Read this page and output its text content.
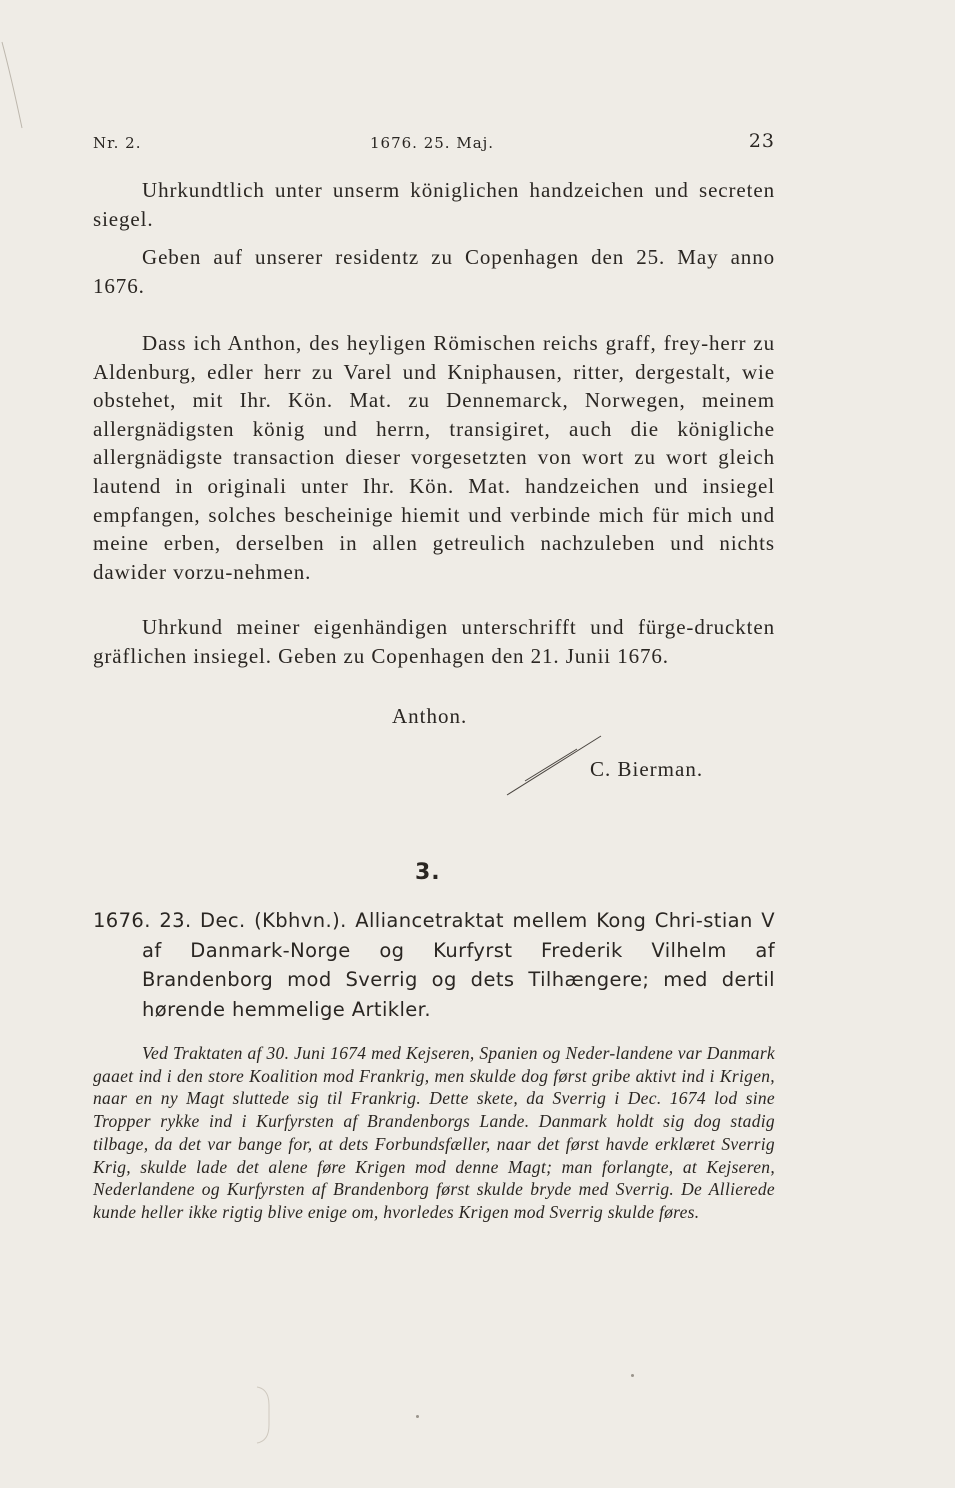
Nr. 2.	1676. 25. Maj.	23

Uhrkundtlich unter unserm königlichen handzeichen und secreten siegel.

Geben auf unserer residentz zu Copenhagen den 25. May anno 1676.

Dass ich Anthon, des heyligen Römischen reichs graff, frey-herr zu Aldenburg, edler herr zu Varel und Kniphausen, ritter, dergestalt, wie obstehet, mit Ihr. Kön. Mat. zu Dennemarck, Norwegen, meinem allergnädigsten könig und herrn, transigiret, auch die königliche allergnädigste transaction dieser vorgesetzten von wort zu wort gleich lautend in originali unter Ihr. Kön. Mat. handzeichen und insiegel empfangen, solches bescheinige hiemit und verbinde mich für mich und meine erben, derselben in allen getreulich nachzuleben und nichts dawider vorzu-nehmen.

Uhrkund meiner eigenhändigen unterschrifft und fürge-druckten gräflichen insiegel. Geben zu Copenhagen den 21. Junii 1676.

Anthon.
C. Bierman.
3.
1676. 23. Dec. (Kbhvn.). Alliancetraktat mellem Kong Chri-stian V af Danmark-Norge og Kurfyrst Frederik Vilhelm af Brandenborg mod Sverrig og dets Tilhængere; med dertil hørende hemmelige Artikler.
Ved Traktaten af 30. Juni 1674 med Kejseren, Spanien og Neder-landene var Danmark gaaet ind i den store Koalition mod Frankrig, men skulde dog først gribe aktivt ind i Krigen, naar en ny Magt sluttede sig til Frankrig. Dette skete, da Sverrig i Dec. 1674 lod sine Tropper rykke ind i Kurfyrsten af Brandenborgs Lande. Danmark holdt sig dog stadig tilbage, da det var bange for, at dets Forbundsfæller, naar det først havde erklæret Sverrig Krig, skulde lade det alene føre Krigen mod denne Magt; man forlangte, at Kejseren, Nederlandene og Kurfyrsten af Brandenborg først skulde bryde med Sverrig. De Allierede kunde heller ikke rigtig blive enige om, hvorledes Krigen mod Sverrig skulde føres.
